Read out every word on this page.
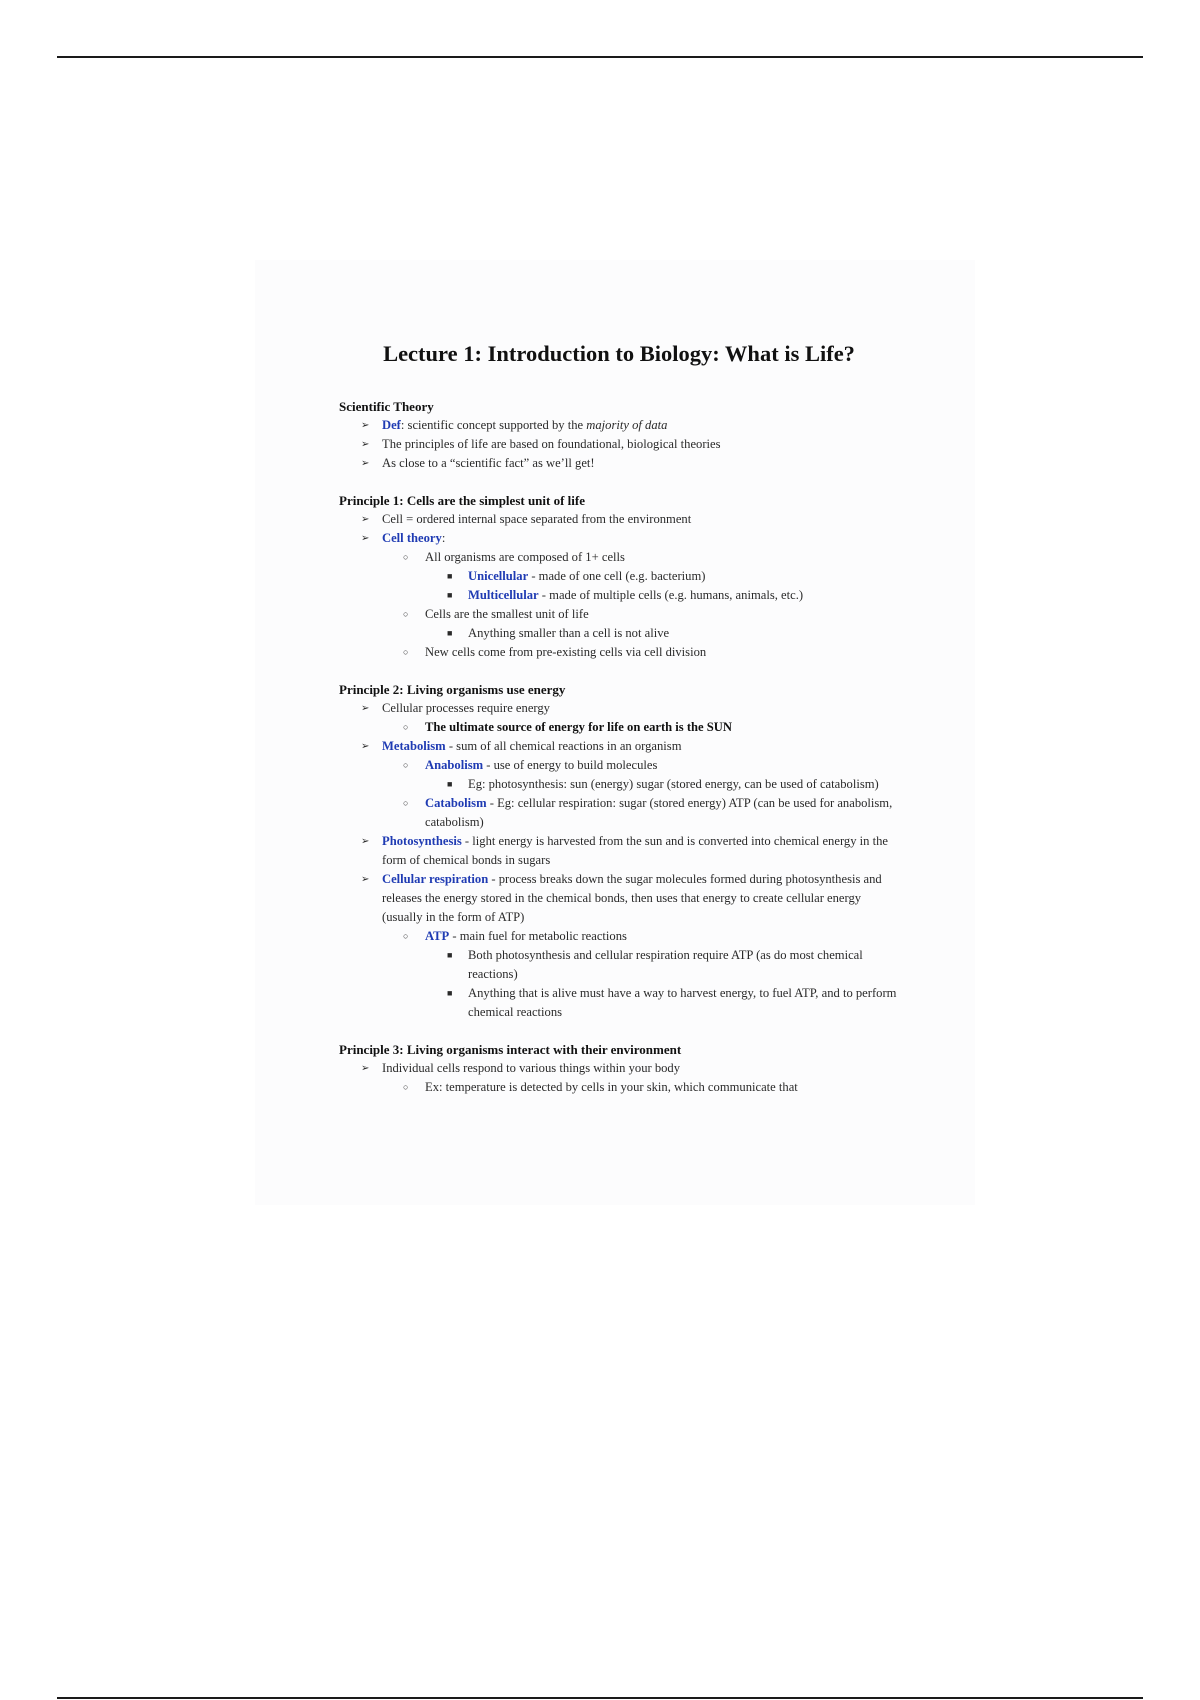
Lecture 1: Introduction to Biology: What is Life?
Scientific Theory
➢ Def: scientific concept supported by the majority of data
➢ The principles of life are based on foundational, biological theories
➢ As close to a “scientific fact” as we’ll get!
Principle 1: Cells are the simplest unit of life
➢ Cell = ordered internal space separated from the environment
➢ Cell theory:
○ All organisms are composed of 1+ cells
■ Unicellular - made of one cell (e.g. bacterium)
■ Multicellular - made of multiple cells (e.g. humans, animals, etc.)
○ Cells are the smallest unit of life
■ Anything smaller than a cell is not alive
○ New cells come from pre-existing cells via cell division
Principle 2: Living organisms use energy
➢ Cellular processes require energy
○ The ultimate source of energy for life on earth is the SUN
➢ Metabolism - sum of all chemical reactions in an organism
○ Anabolism - use of energy to build molecules
■ Eg: photosynthesis: sun (energy) sugar (stored energy, can be used of catabolism)
○ Catabolism - Eg: cellular respiration: sugar (stored energy) ATP (can be used for anabolism, catabolism)
➢ Photosynthesis - light energy is harvested from the sun and is converted into chemical energy in the form of chemical bonds in sugars
➢ Cellular respiration - process breaks down the sugar molecules formed during photosynthesis and releases the energy stored in the chemical bonds, then uses that energy to create cellular energy (usually in the form of ATP)
○ ATP - main fuel for metabolic reactions
■ Both photosynthesis and cellular respiration require ATP (as do most chemical reactions)
■ Anything that is alive must have a way to harvest energy, to fuel ATP, and to perform chemical reactions
Principle 3: Living organisms interact with their environment
➢ Individual cells respond to various things within your body
○ Ex: temperature is detected by cells in your skin, which communicate that
